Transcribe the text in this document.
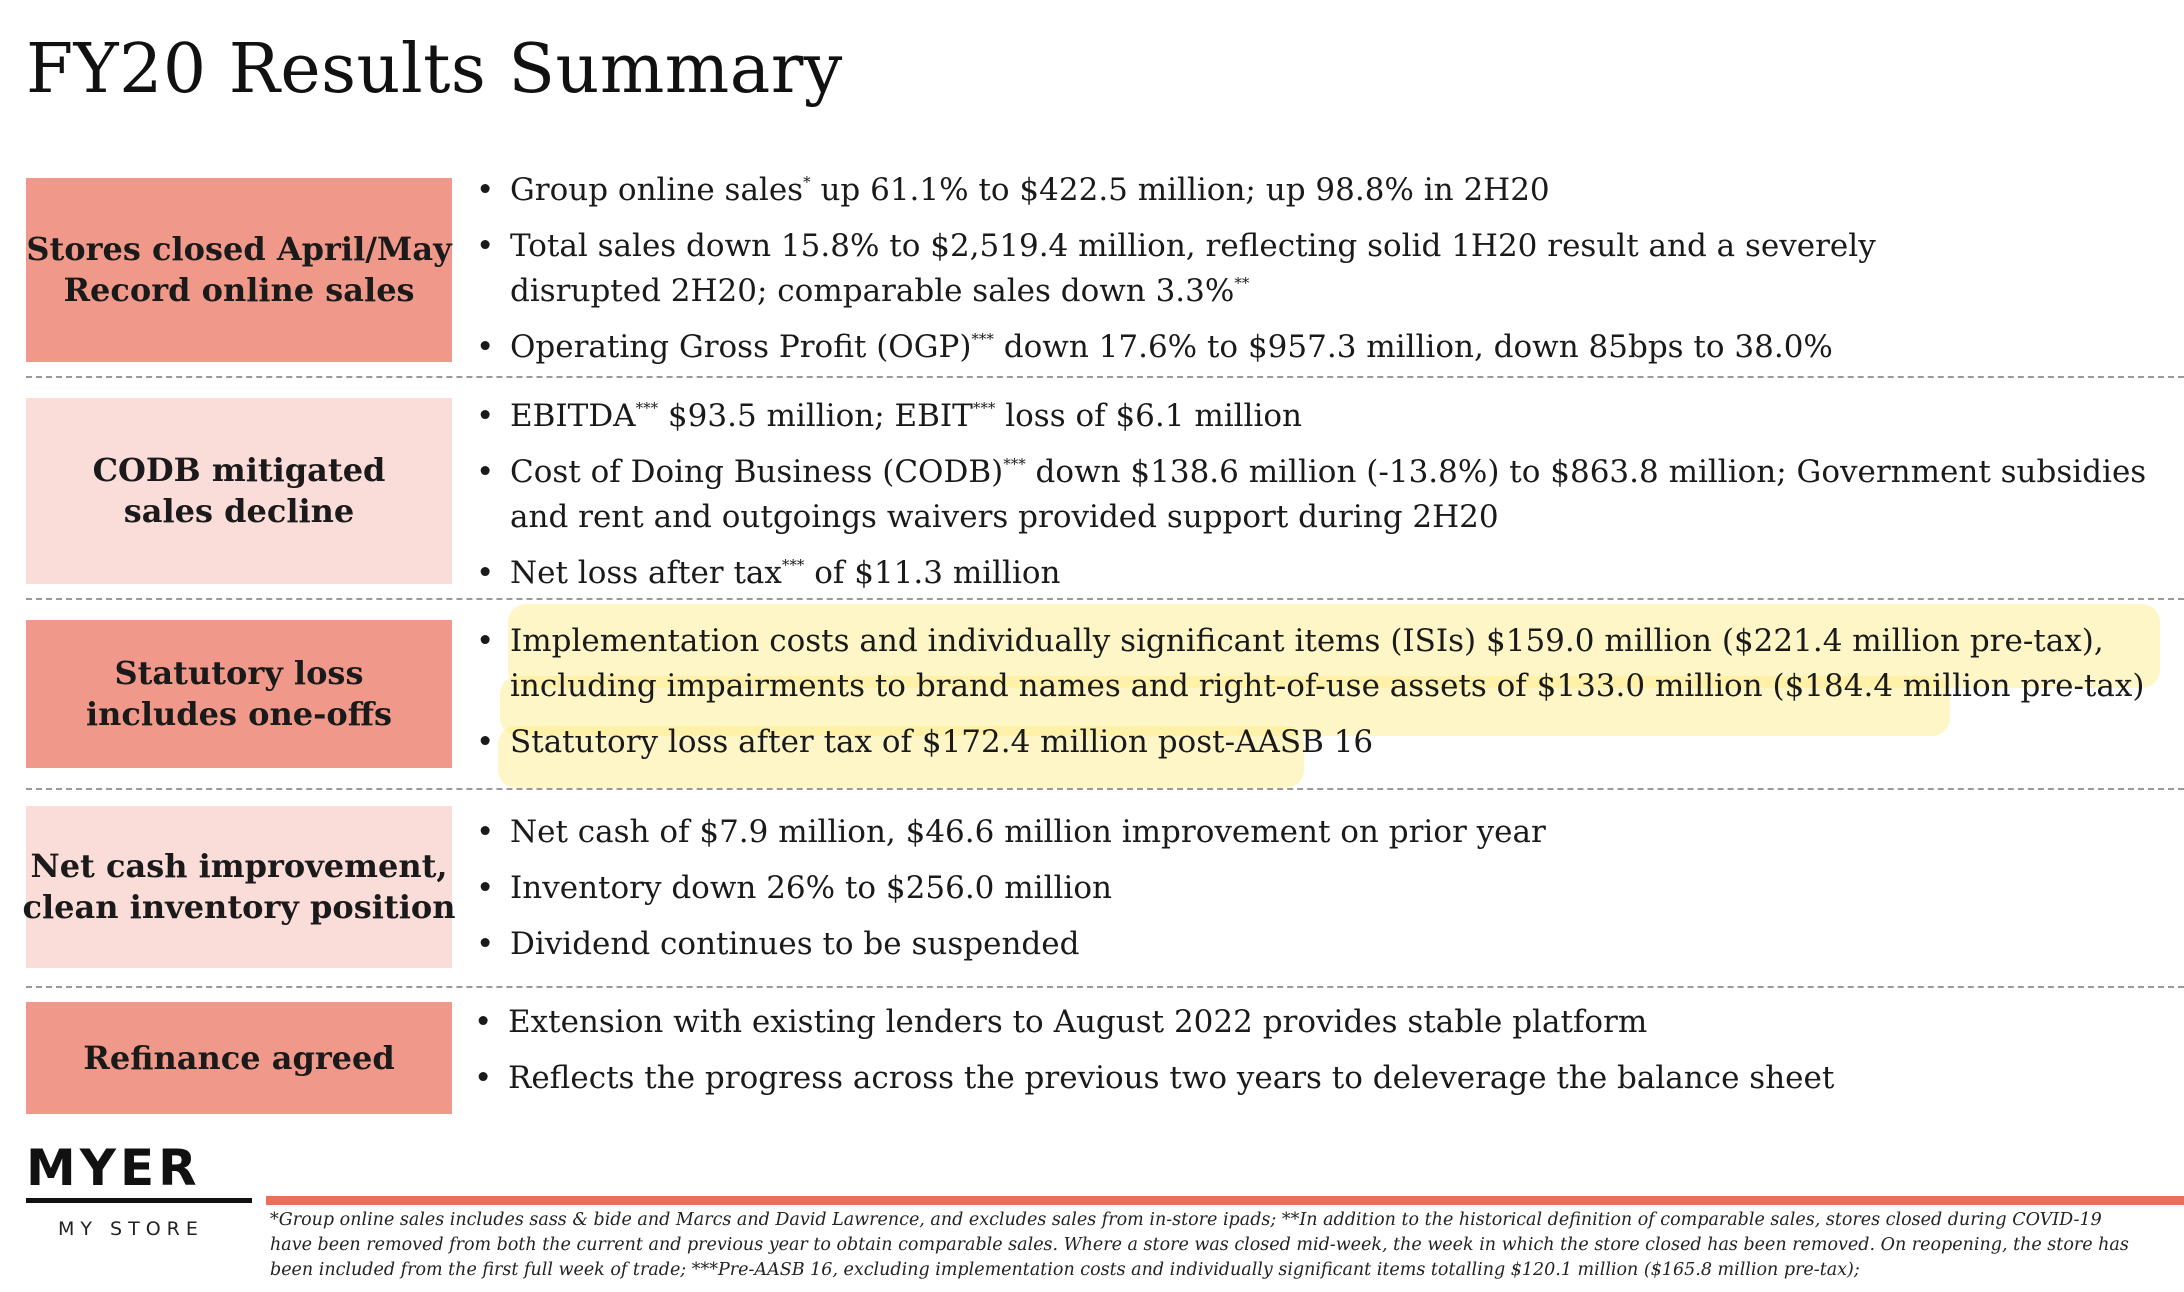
FY20 Results Summary
Stores closed April/May
Record online sales
• Group online sales* up 61.1% to $422.5 million; up 98.8% in 2H20
• Total sales down 15.8% to $2,519.4 million, reflecting solid 1H20 result and a severely disrupted 2H20; comparable sales down 3.3%**
• Operating Gross Profit (OGP)*** down 17.6% to $957.3 million, down 85bps to 38.0%
CODB mitigated
sales decline
• EBITDA*** $93.5 million; EBIT*** loss of $6.1 million
• Cost of Doing Business (CODB)*** down $138.6 million (-13.8%) to $863.8 million; Government subsidies and rent and outgoings waivers provided support during 2H20
• Net loss after tax*** of $11.3 million
Statutory loss
includes one-offs
• Implementation costs and individually significant items (ISIs) $159.0 million ($221.4 million pre-tax), including impairments to brand names and right-of-use assets of $133.0 million ($184.4 million pre-tax)
• Statutory loss after tax of $172.4 million post-AASB 16
Net cash improvement,
clean inventory position
• Net cash of $7.9 million, $46.6 million improvement on prior year
• Inventory down 26% to $256.0 million
• Dividend continues to be suspended
Refinance agreed
• Extension with existing lenders to August 2022 provides stable platform
• Reflects the progress across the previous two years to deleverage the balance sheet
MYER
MY STORE	*Group online sales includes sass & bide and Marcs and David Lawrence, and excludes sales from in-store ipads; **In addition to the historical definition of comparable sales, stores closed during COVID-19
have been removed from both the current and previous year to obtain comparable sales. Where a store was closed mid-week, the week in which the store closed has been removed. On reopening, the store has
been included from the first full week of trade; ***Pre-AASB 16, excluding implementation costs and individually significant items totalling $120.1 million ($165.8 million pre-tax);
